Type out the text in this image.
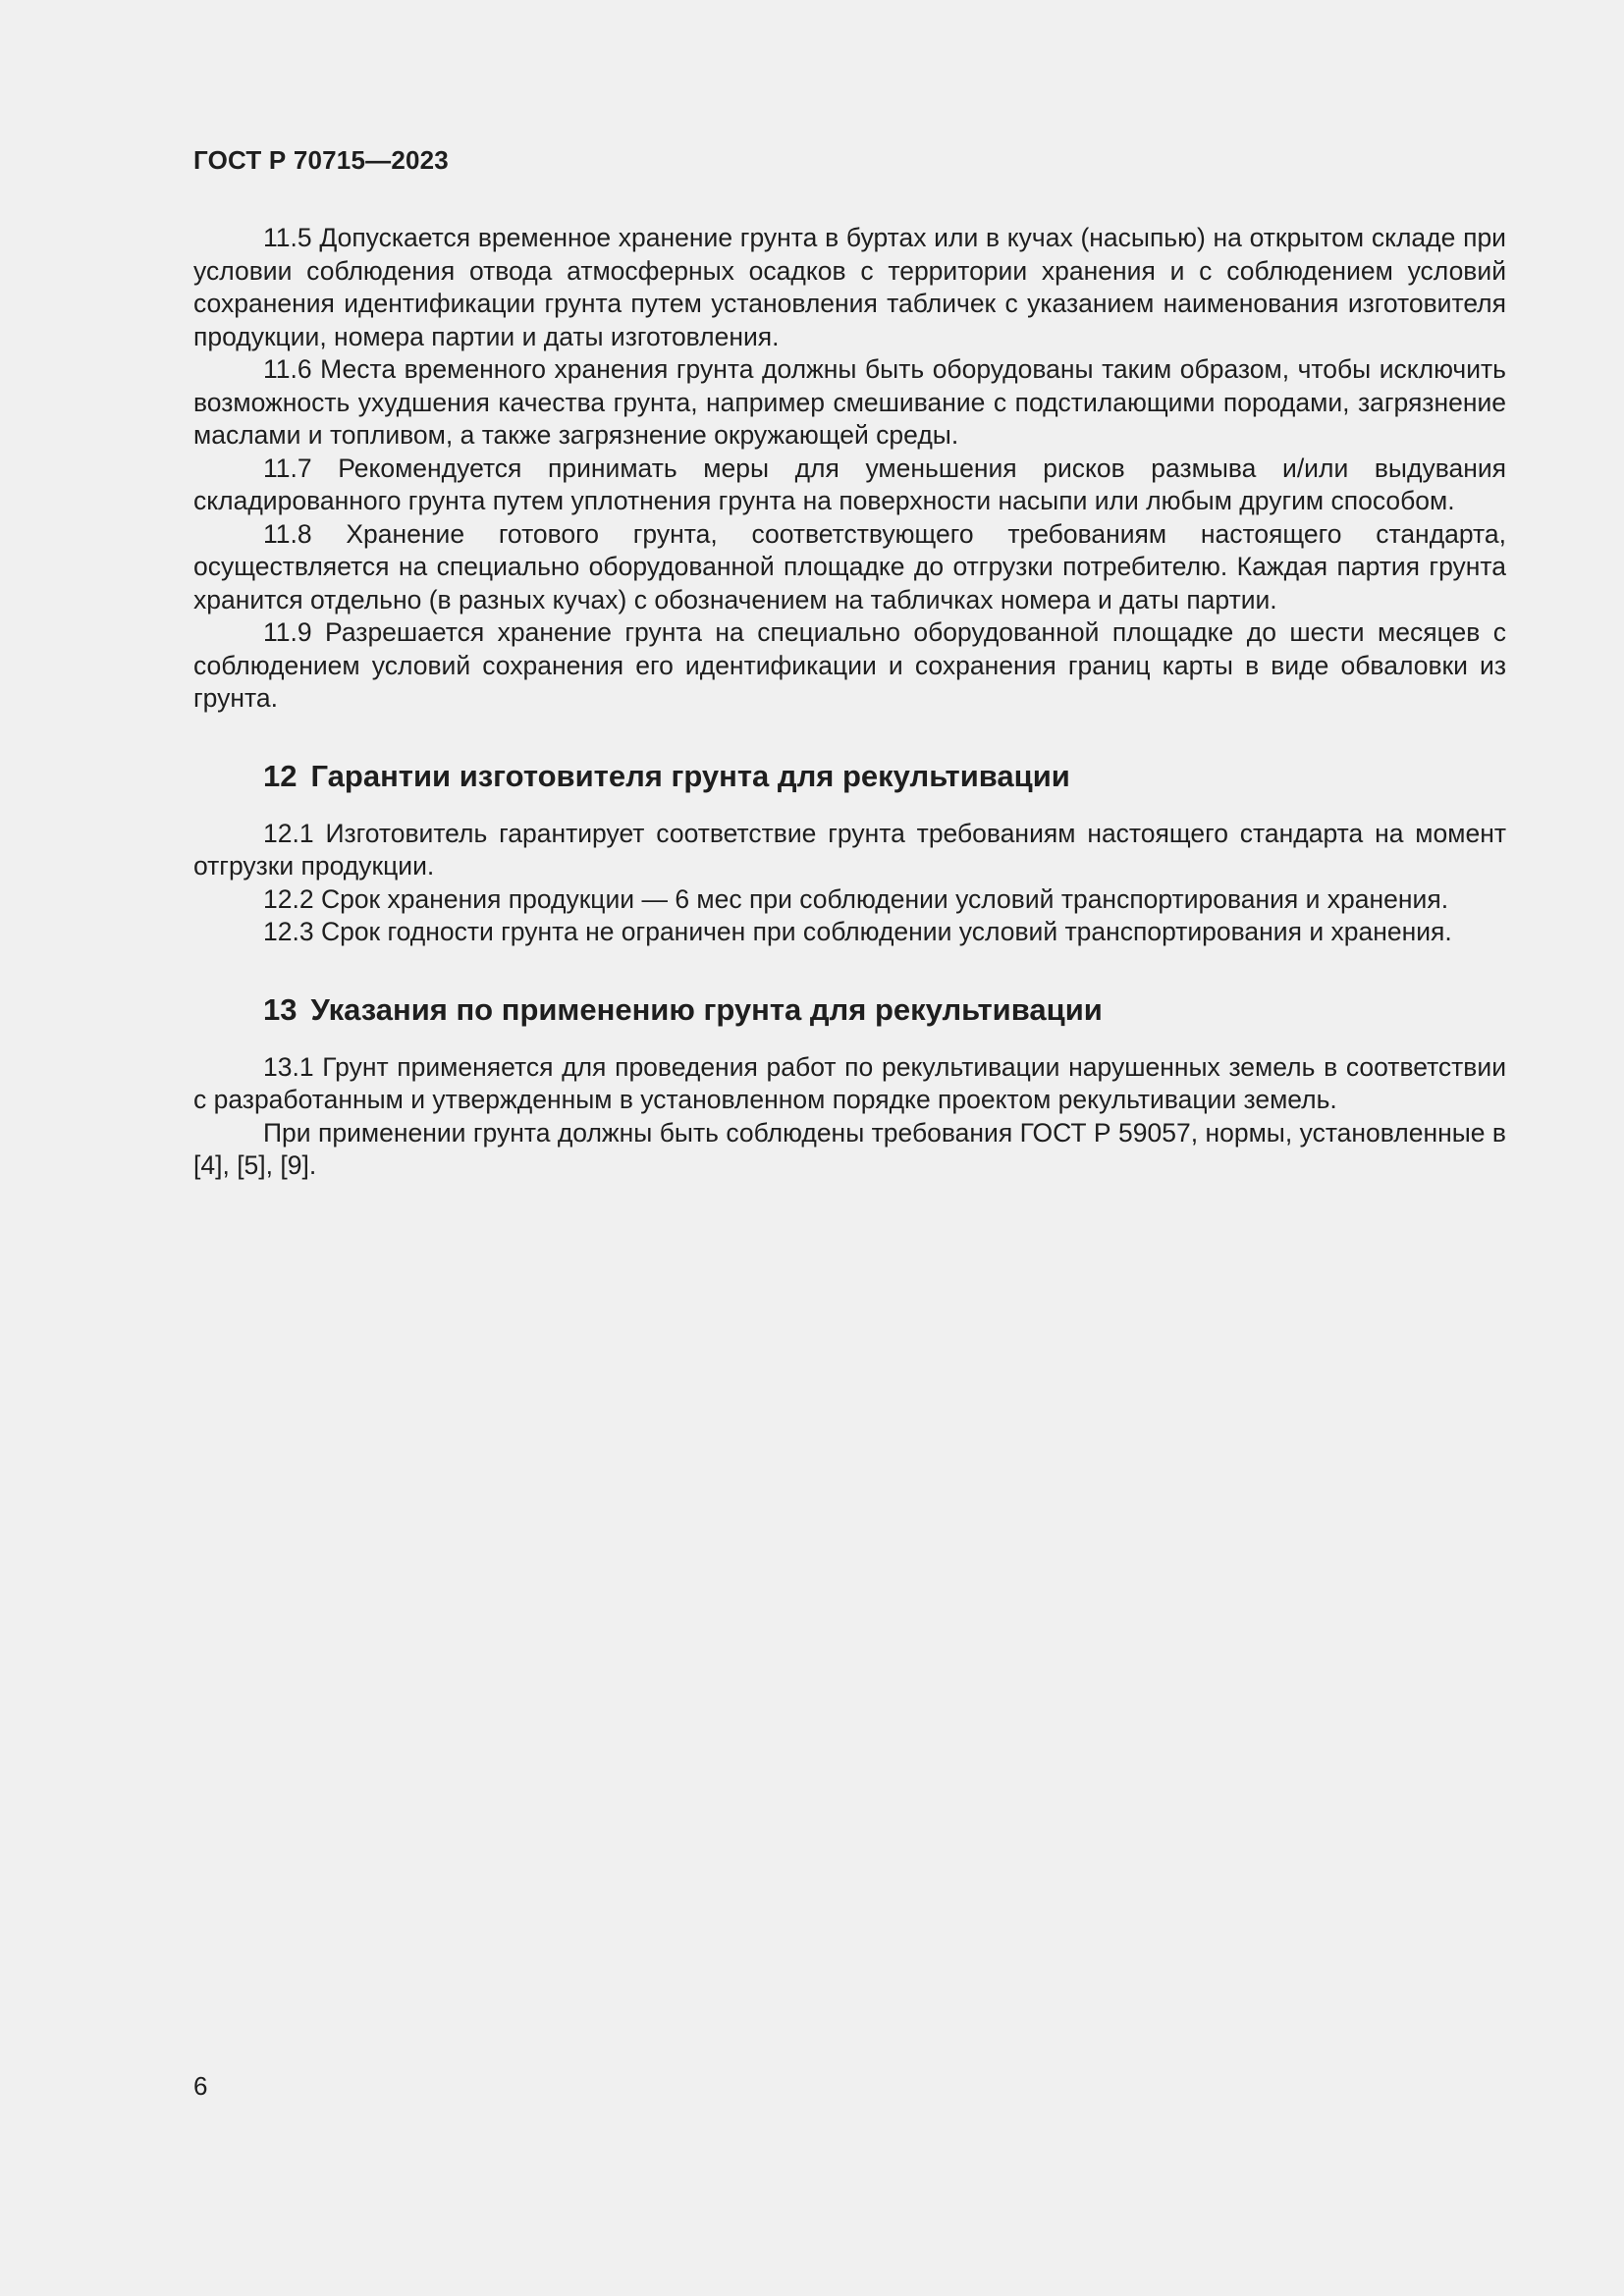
ГОСТ Р 70715—2023

11.5 Допускается временное хранение грунта в буртах или в кучах (насыпью) на открытом складе при условии соблюдения отвода атмосферных осадков с территории хранения и с соблюдением условий сохранения идентификации грунта путем установления табличек с указанием наименования изготовителя продукции, номера партии и даты изготовления.

11.6 Места временного хранения грунта должны быть оборудованы таким образом, чтобы исключить возможность ухудшения качества грунта, например смешивание с подстилающими породами, загрязнение маслами и топливом, а также загрязнение окружающей среды.

11.7 Рекомендуется принимать меры для уменьшения рисков размыва и/или выдувания складированного грунта путем уплотнения грунта на поверхности насыпи или любым другим способом.

11.8 Хранение готового грунта, соответствующего требованиям настоящего стандарта, осуществляется на специально оборудованной площадке до отгрузки потребителю. Каждая партия грунта хранится отдельно (в разных кучах) с обозначением на табличках номера и даты партии.

11.9 Разрешается хранение грунта на специально оборудованной площадке до шести месяцев с соблюдением условий сохранения его идентификации и сохранения границ карты в виде обваловки из грунта.

12 Гарантии изготовителя грунта для рекультивации

12.1 Изготовитель гарантирует соответствие грунта требованиям настоящего стандарта на момент отгрузки продукции.

12.2 Срок хранения продукции — 6 мес при соблюдении условий транспортирования и хранения.

12.3 Срок годности грунта не ограничен при соблюдении условий транспортирования и хранения.

13 Указания по применению грунта для рекультивации

13.1 Грунт применяется для проведения работ по рекультивации нарушенных земель в соответствии с разработанным и утвержденным в установленном порядке проектом рекультивации земель.

При применении грунта должны быть соблюдены требования ГОСТ Р 59057, нормы, установленные в [4], [5], [9].

6
